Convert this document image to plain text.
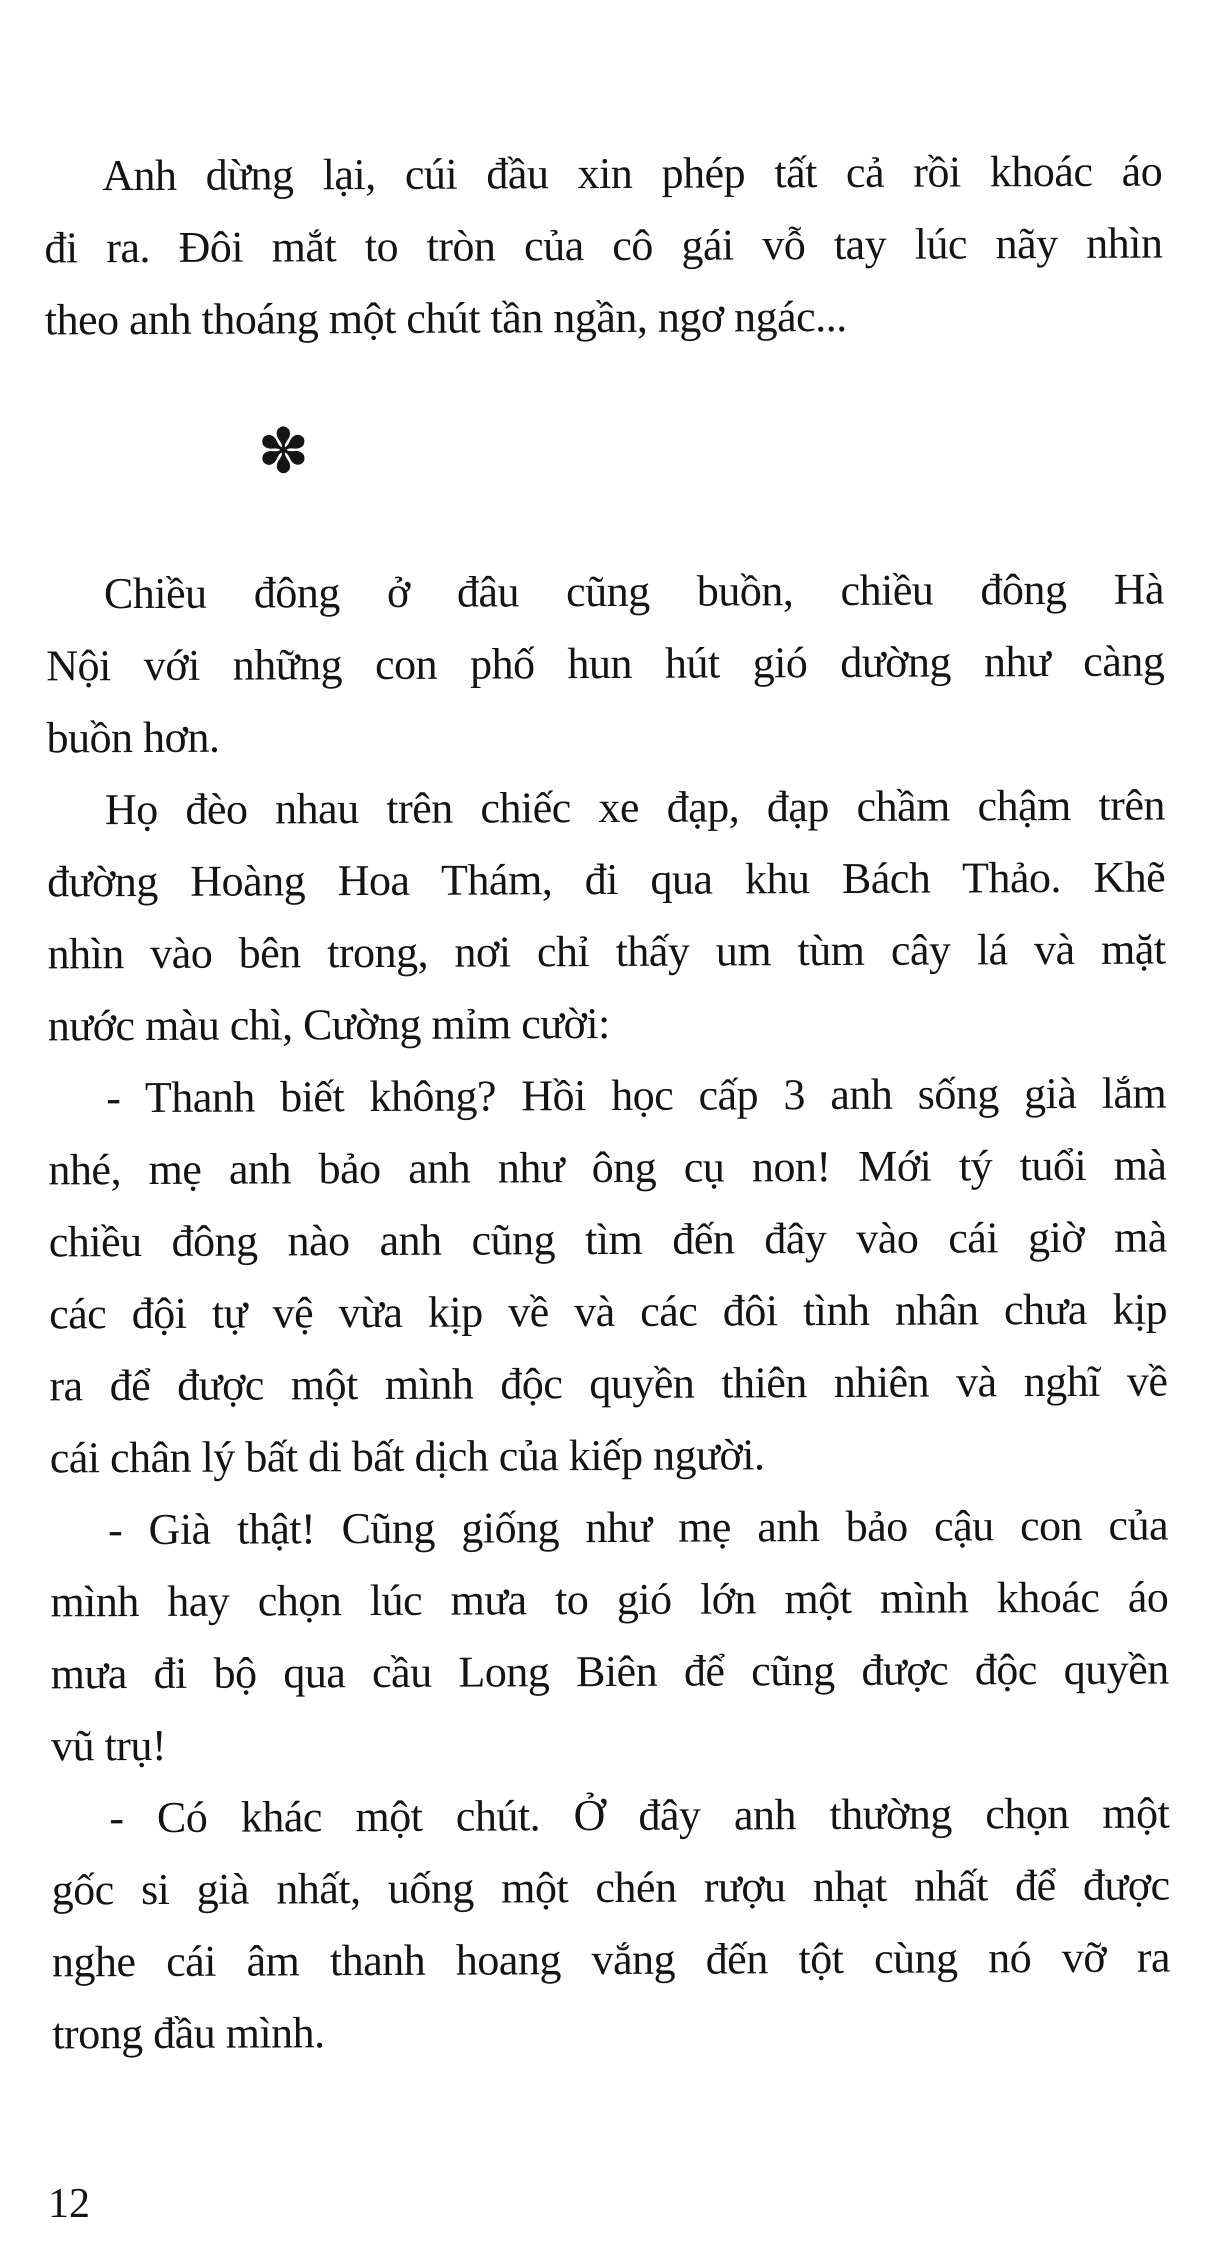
Anh dừng lại, cúi đầu xin phép tất cả rồi khoác áo
đi ra. Đôi mắt to tròn của cô gái vỗ tay lúc nãy nhìn
theo anh thoáng một chút tần ngần, ngơ ngác...

✽

Chiều đông ở đâu cũng buồn, chiều đông Hà
Nội với những con phố hun hút gió dường như càng
buồn hơn.

Họ đèo nhau trên chiếc xe đạp, đạp chầm chậm trên
đường Hoàng Hoa Thám, đi qua khu Bách Thảo. Khẽ
nhìn vào bên trong, nơi chỉ thấy um tùm cây lá và mặt
nước màu chì, Cường mỉm cười:

- Thanh biết không? Hồi học cấp 3 anh sống già lắm
nhé, mẹ anh bảo anh như ông cụ non! Mới tý tuổi mà
chiều đông nào anh cũng tìm đến đây vào cái giờ mà
các đội tự vệ vừa kịp về và các đôi tình nhân chưa kịp
ra để được một mình độc quyền thiên nhiên và nghĩ về
cái chân lý bất di bất dịch của kiếp người.

- Già thật! Cũng giống như mẹ anh bảo cậu con của
mình hay chọn lúc mưa to gió lớn một mình khoác áo
mưa đi bộ qua cầu Long Biên để cũng được độc quyền
vũ trụ!

- Có khác một chút. Ở đây anh thường chọn một
gốc si già nhất, uống một chén rượu nhạt nhất để được
nghe cái âm thanh hoang vắng đến tột cùng nó vỡ ra
trong đầu mình.

12
